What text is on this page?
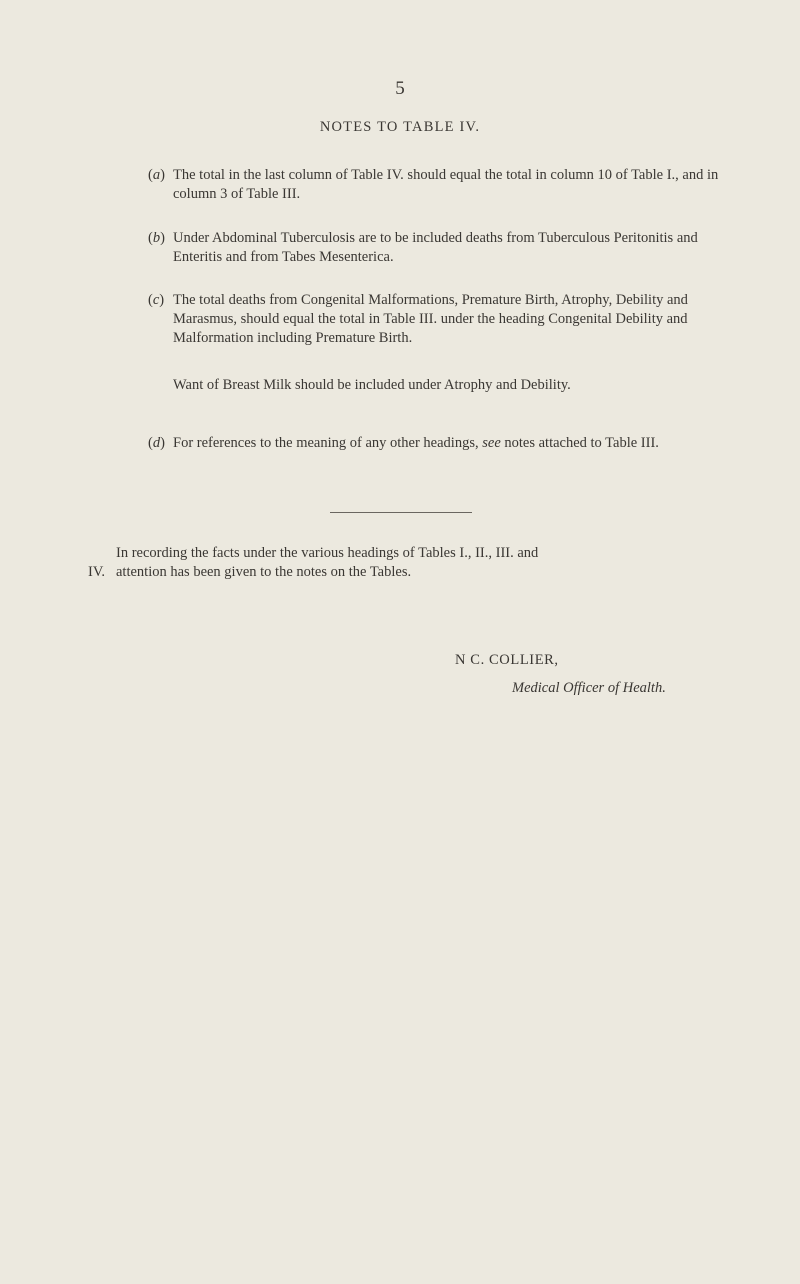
5
NOTES TO TABLE IV.
(a) The total in the last column of Table IV. should equal the total in column 10 of Table I., and in column 3 of Table III.
(b) Under Abdominal Tuberculosis are to be included deaths from Tuberculous Peritonitis and Enteritis and from Tabes Mesenterica.
(c) The total deaths from Congenital Malformations, Premature Birth, Atrophy, Debility and Marasmus, should equal the total in Table III. under the heading Congenital Debility and Malformation including Premature Birth.
Want of Breast Milk should be included under Atrophy and Debility.
(d) For references to the meaning of any other headings, see notes attached to Table III.
In recording the facts under the various headings of Tables I., II., III. and
IV. attention has been given to the notes on the Tables.
N C. COLLIER,
Medical Officer of Health.
